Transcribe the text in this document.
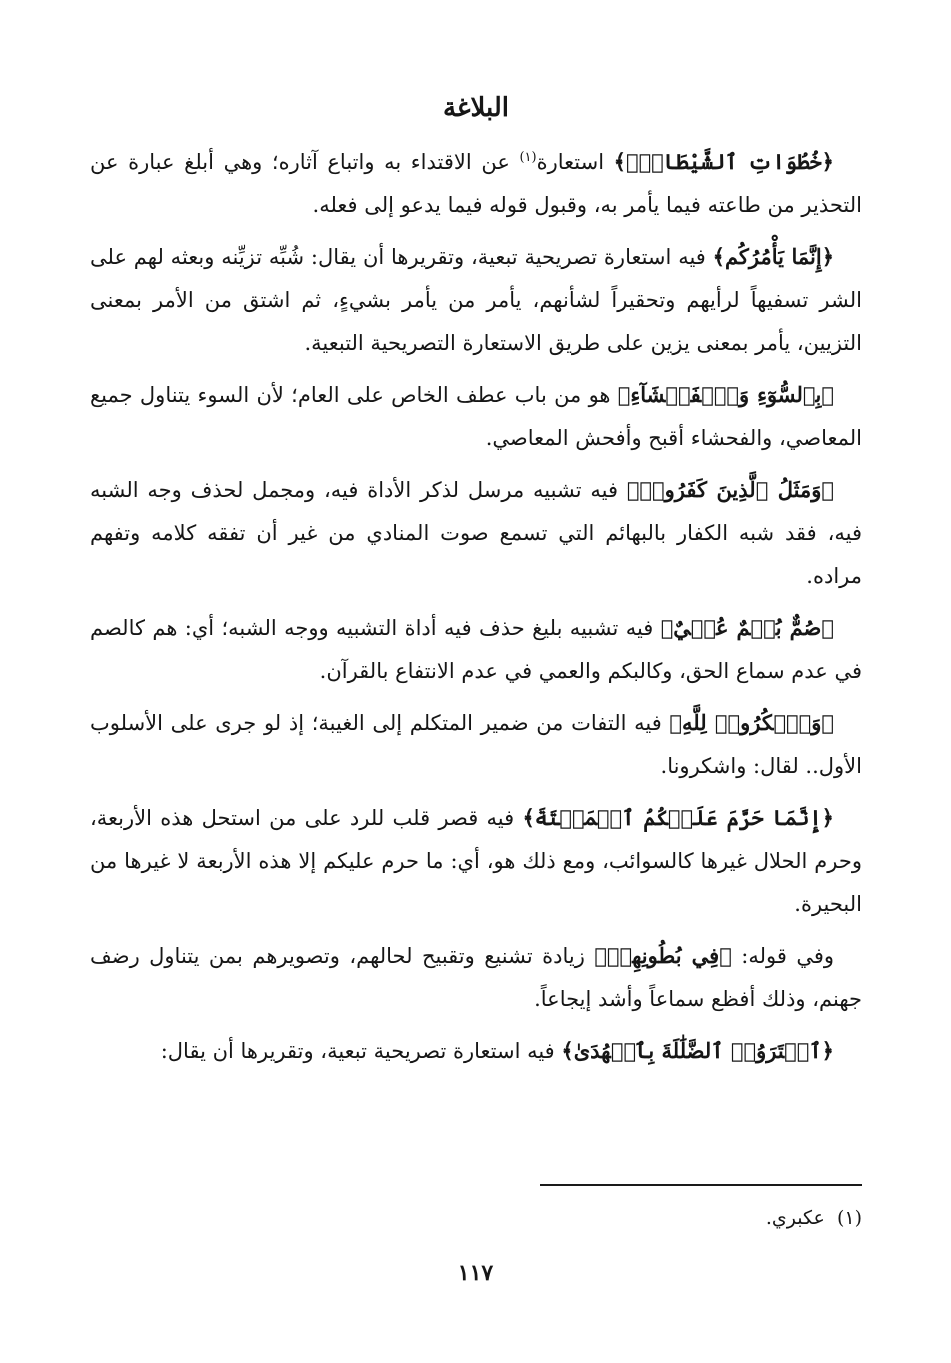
البلاغة

﴿خُطُوَاتِ ٱلشَّيْطَانِۚ﴾ استعارة$^{(١)}$ عن الاقتداء به واتباع آثاره؛ وهي أبلغ عبارة عن التحذير من طاعته فيما يأمر به، وقبول قوله فيما يدعو إلى فعله.

﴿إِنَّمَا يَأْمُرُكُم﴾ فيه استعارة تصريحية تبعية، وتقريرها أن يقال: شُبِّه تزيِّنه وبعثه لهم على الشر تسفيهاً لرأيهم وتحقيراً لشأنهم، يأمر من يأمر بشيءٍ، ثم اشتق من الأمر بمعنى التزيين، يأمر بمعنى يزين على طريق الاستعارة التصريحية التبعية.

﴿بِٱلسُّوٓءِ وَٱلۡفَحۡشَآءِ﴾ هو من باب عطف الخاص على العام؛ لأن السوء يتناول جميع المعاصي، والفحشاء أقبح وأفحش المعاصي.

﴿وَمَثَلُ ٱلَّذِينَ كَفَرُوا۟﴾ فيه تشبيه مرسل لذكر الأداة فيه، ومجمل لحذف وجه الشبه فيه، فقد شبه الكفار بالبهائم التي تسمع صوت المنادي من غير أن تفقه كلامه وتفهم مراده.

﴿صُمٌّ بُكۡمٌ عُمۡيٌ﴾ فيه تشبيه بليغ حذف فيه أداة التشبيه ووجه الشبه؛ أي: هم كالصم في عدم سماع الحق، وكالبكم والعمي في عدم الانتفاع بالقرآن.

﴿وَٱشۡكُرُوا۟ لِلَّهِ﴾ فيه التفات من ضمير المتكلم إلى الغيبة؛ إذ لو جرى على الأسلوب الأول.. لقال: واشكرونا.

﴿إِنَّمَا حَرَّمَ عَلَيۡكُمُ ٱلۡمَيۡتَةَ﴾ فيه قصر قلب للرد على من استحل هذه الأربعة، وحرم الحلال غيرها كالسوائب، ومع ذلك هو، أي: ما حرم عليكم إلا هذه الأربعة لا غيرها من البحيرة.

وفي قوله: ﴿فِي بُطُونِهِمۡ﴾ زيادة تشنيع وتقبيح لحالهم، وتصويرهم بمن يتناول رضف جهنم، وذلك أفظع سماعاً وأشد إيجاعاً.

﴿ٱشۡتَرَوُا۟ ٱلضَّلَٰلَةَ بِٱلۡهُدَىٰ﴾ فيه استعارة تصريحية تبعية، وتقريرها أن يقال:

(١)  عكبري.
١١٧
